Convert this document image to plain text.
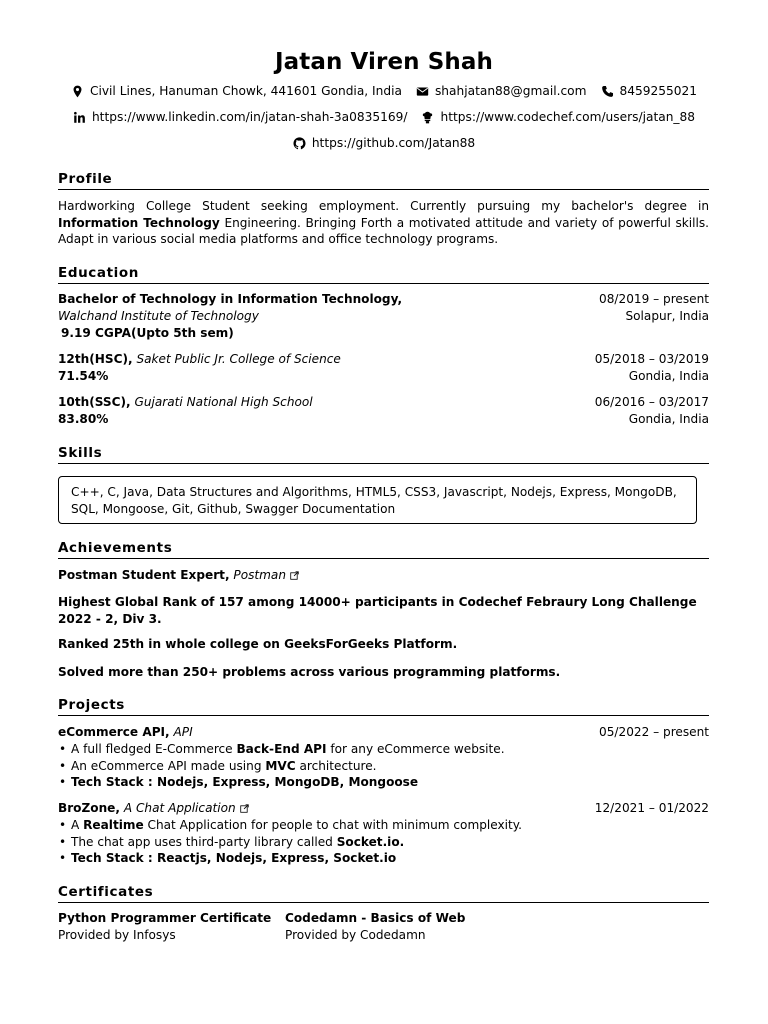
Jatan Viren Shah
Civil Lines, Hanuman Chowk, 441601 Gondia, India	shahjatan88@gmail.com	8459255021
https://www.linkedin.com/in/jatan-shah-3a0835169/	https://www.codechef.com/users/jatan_88
https://github.com/Jatan88
Profile
Hardworking College Student seeking employment. Currently pursuing my bachelor's degree in Information Technology Engineering. Bringing Forth a motivated attitude and variety of powerful skills. Adapt in various social media platforms and office technology programs.
Education
Bachelor of Technology in Information Technology,	08/2019 – present
Walchand Institute of Technology	Solapur, India
9.19 CGPA(Upto 5th sem)
12th(HSC), Saket Public Jr. College of Science	05/2018 – 03/2019
71.54%	Gondia, India
10th(SSC), Gujarati National High School	06/2016 – 03/2017
83.80%	Gondia, India
Skills
C++, C, Java, Data Structures and Algorithms, HTML5, CSS3, Javascript, Nodejs, Express, MongoDB, SQL, Mongoose, Git, Github, Swagger Documentation
Achievements
Postman Student Expert, Postman
Highest Global Rank of 157 among 14000+ participants in Codechef Febraury Long Challenge 2022 - 2, Div 3.
Ranked 25th in whole college on GeeksForGeeks Platform.
Solved more than 250+ problems across various programming platforms.
Projects
eCommerce API, API	05/2022 – present
• A full fledged E-Commerce Back-End API for any eCommerce website.
• An eCommerce API made using MVC architecture.
• Tech Stack : Nodejs, Express, MongoDB, Mongoose
BroZone, A Chat Application	12/2021 – 01/2022
• A Realtime Chat Application for people to chat with minimum complexity.
• The chat app uses third-party library called Socket.io.
• Tech Stack : Reactjs, Nodejs, Express, Socket.io
Certificates
Python Programmer Certificate
Provided by Infosys
Codedamn - Basics of Web
Provided by Codedamn
